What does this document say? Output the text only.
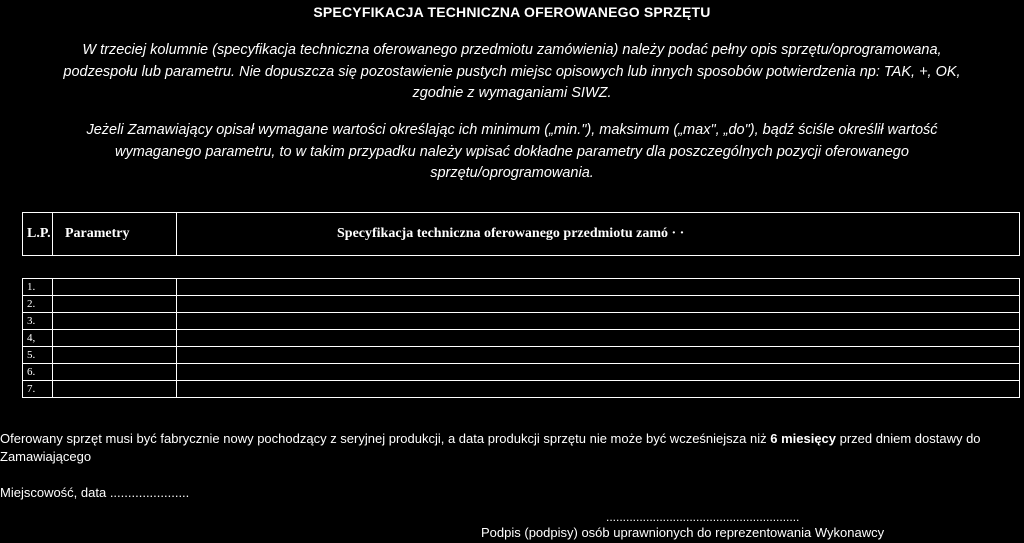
SPECYFIKACJA TECHNICZNA OFEROWANEGO SPRZĘTU
W trzeciej kolumnie (specyfikacja techniczna oferowanego przedmiotu zamówienia) należy podać pełny opis sprzętu/oprogramowana,
podzespołu lub parametru. Nie dopuszcza się pozostawienie pustych miejsc opisowych lub innych sposobów potwierdzenia np: TAK, +, OK,
zgodnie z wymaganiami SIWZ.
Jeżeli Zamawiający opisał wymagane wartości określając ich minimum („min."), maksimum („max", „do"), bądź ściśle określił wartość
wymaganego parametru, to w takim przypadku należy wpisać dokładne parametry dla poszczególnych pozycji oferowanego
sprzętu/oprogramowania.
L.P.	Parametry	Specyfikacja techniczna oferowanego przedmiotu zamó · ·

1.		
2.		
3.		
4,		
5.		
6.		
7.		
Oferowany sprzęt musi być fabrycznie nowy pochodzący z seryjnej produkcji, a data produkcji sprzętu nie może być wcześniejsza niż 6 miesięcy przed dniem dostawy do Zamawiającego
Miejscowość, data ......................
..........................................................
Podpis (podpisy) osób uprawnionych do reprezentowania Wykonawcy
